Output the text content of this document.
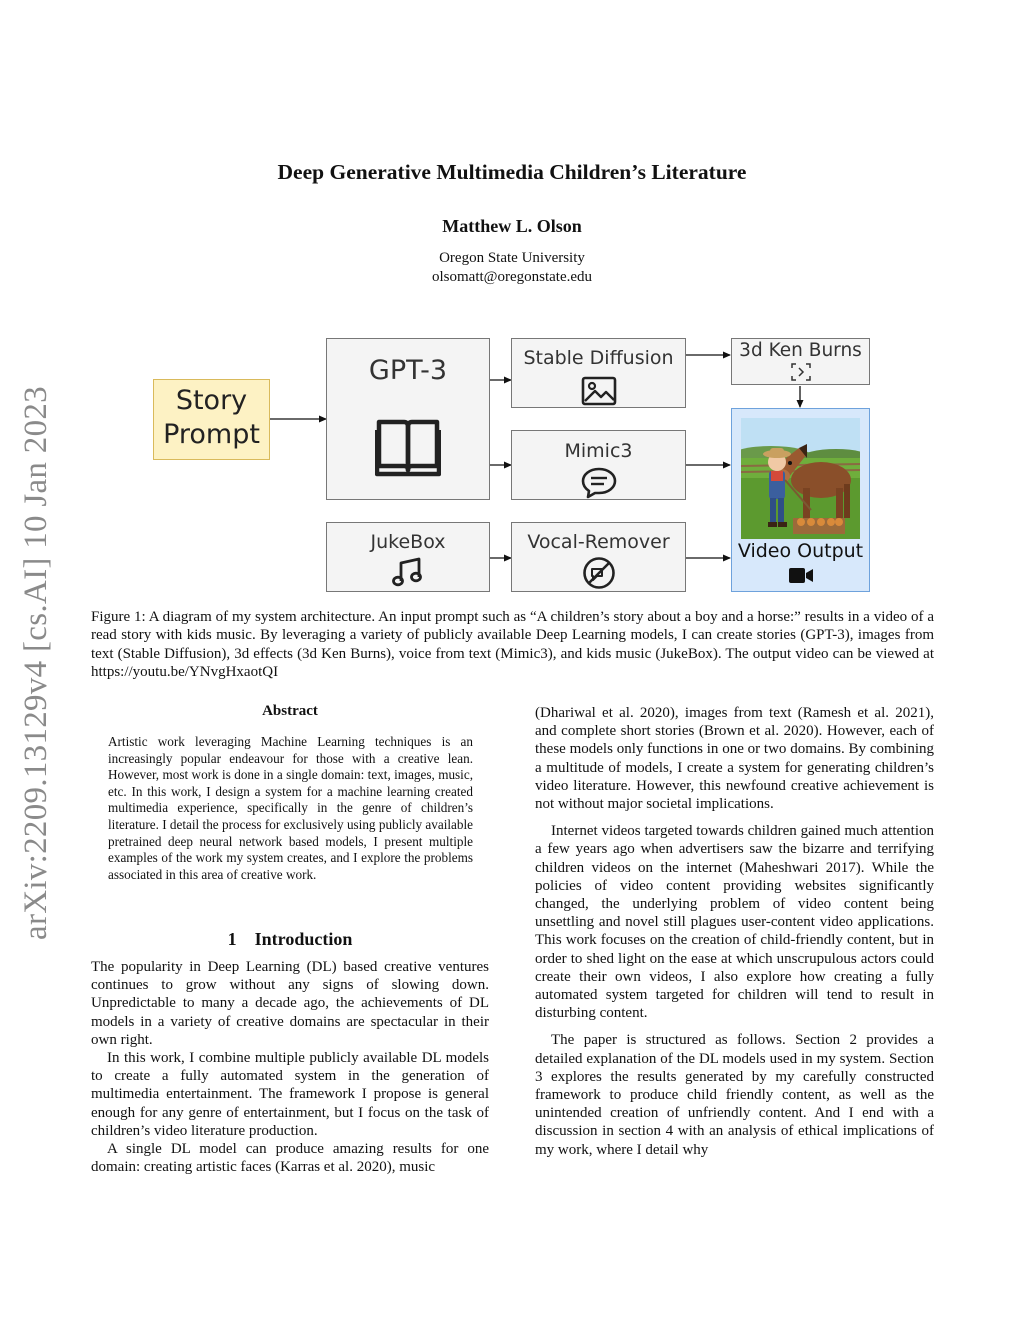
arXiv:2209.13129v4 [cs.AI] 10 Jan 2023
Deep Generative Multimedia Children’s Literature
Matthew L. Olson
Oregon State University
olsomatt@oregonstate.edu
Story
Prompt
GPT-3	Stable Diffusion
Mimic3
JukeBox	Vocal-Remover
3d Ken Burns
Video Output
Figure 1: A diagram of my system architecture. An input prompt such as “A children’s story about a boy and a horse:” results in a video of a read story with kids music. By leveraging a variety of publicly available Deep Learning models, I can create stories (GPT-3), images from text (Stable Diffusion), 3d effects (3d Ken Burns), voice from text (Mimic3), and kids music (JukeBox). The output video can be viewed at https://youtu.be/YNvgHxaotQI
Abstract
Artistic work leveraging Machine Learning techniques is an increasingly popular endeavour for those with a creative lean. However, most work is done in a single domain: text, images, music, etc. In this work, I design a system for a machine learning created multimedia experience, specifically in the genre of children’s literature. I detail the process for exclusively using publicly available pretrained deep neural network based models, I present multiple examples of the work my system creates, and I explore the problems associated in this area of creative work.
1    Introduction

The popularity in Deep Learning (DL) based creative ventures continues to grow without any signs of slowing down. Unpredictable to many a decade ago, the achievements of DL models in a variety of creative domains are spectacular in their own right.

In this work, I combine multiple publicly available DL models to create a fully automated system in the generation of multimedia entertainment. The framework I propose is general enough for any genre of entertainment, but I focus on the task of children’s video literature production.

A single DL model can produce amazing results for one domain: creating artistic faces (Karras et al. 2020), music

(Dhariwal et al. 2020), images from text (Ramesh et al. 2021), and complete short stories (Brown et al. 2020). However, each of these models only functions in one or two domains. By combining a multitude of models, I create a system for generating children’s video literature. However, this newfound creative achievement is not without major societal implications.

Internet videos targeted towards children gained much attention a few years ago when advertisers saw the bizarre and terrifying children videos on the internet (Maheshwari 2017). While the policies of video content providing websites significantly changed, the underlying problem of video content being unsettling and novel still plagues user-content video applications. This work focuses on the creation of child-friendly content, but in order to shed light on the ease at which unscrupulous actors could create their own videos, I also explore how creating a fully automated system targeted for children will tend to result in disturbing content.

The paper is structured as follows. Section 2 provides a detailed explanation of the DL models used in my system. Section 3 explores the results generated by my carefully constructed framework to produce child friendly content, as well as the unintended creation of unfriendly content. And I end with a discussion in section 4 with an analysis of ethical implications of my work, where I detail why
